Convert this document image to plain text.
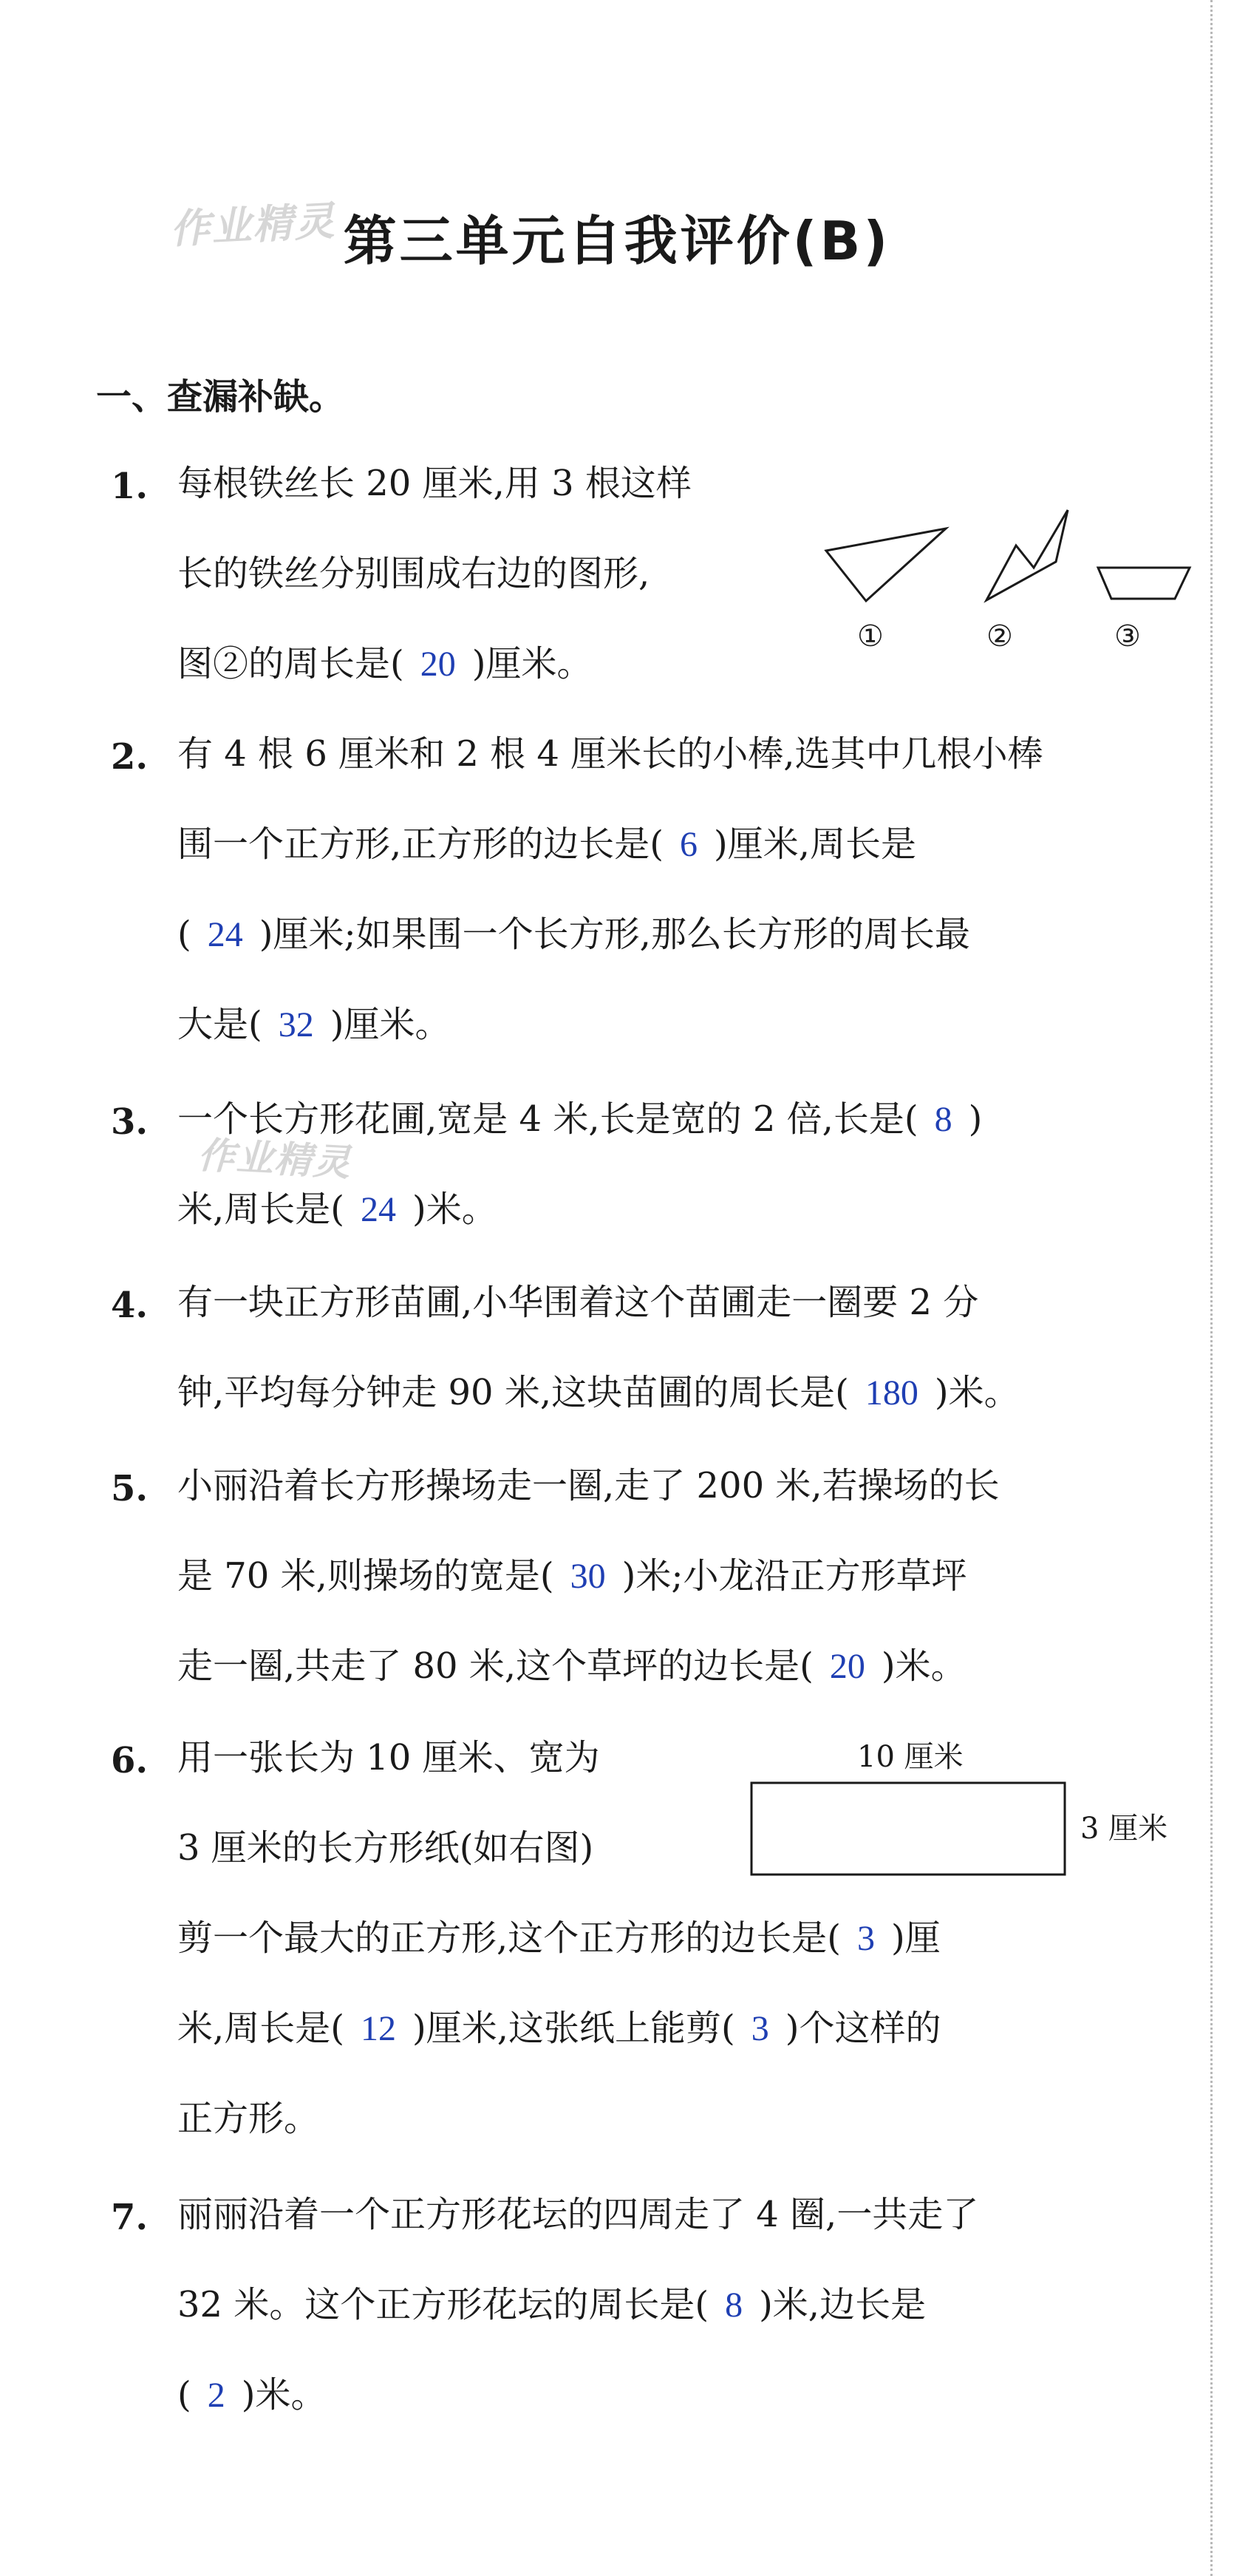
作业精灵
作业精灵
第三单元自我评价(B)
一、查漏补缺。
1. 每根铁丝长 20 厘米,用 3 根这样
长的铁丝分别围成右边的图形,
图②的周长是( 20 )厘米。
2. 有 4 根 6 厘米和 2 根 4 厘米长的小棒,选其中几根小棒
围一个正方形,正方形的边长是( 6 )厘米,周长是
( 24 )厘米;如果围一个长方形,那么长方形的周长最
大是( 32 )厘米。
3. 一个长方形花圃,宽是 4 米,长是宽的 2 倍,长是( 8 )
米,周长是( 24 )米。
4. 有一块正方形苗圃,小华围着这个苗圃走一圈要 2 分
钟,平均每分钟走 90 米,这块苗圃的周长是( 180 )米。
5. 小丽沿着长方形操场走一圈,走了 200 米,若操场的长
是 70 米,则操场的宽是( 30 )米;小龙沿正方形草坪
走一圈,共走了 80 米,这个草坪的边长是( 20 )米。
6. 用一张长为 10 厘米、宽为
3 厘米的长方形纸(如右图)
剪一个最大的正方形,这个正方形的边长是( 3 )厘
米,周长是( 12 )厘米,这张纸上能剪( 3 )个这样的
正方形。
7. 丽丽沿着一个正方形花坛的四周走了 4 圈,一共走了
32 米。这个正方形花坛的周长是( 8 )米,边长是
( 2 )米。
①	②	③
10 厘米
3 厘米
